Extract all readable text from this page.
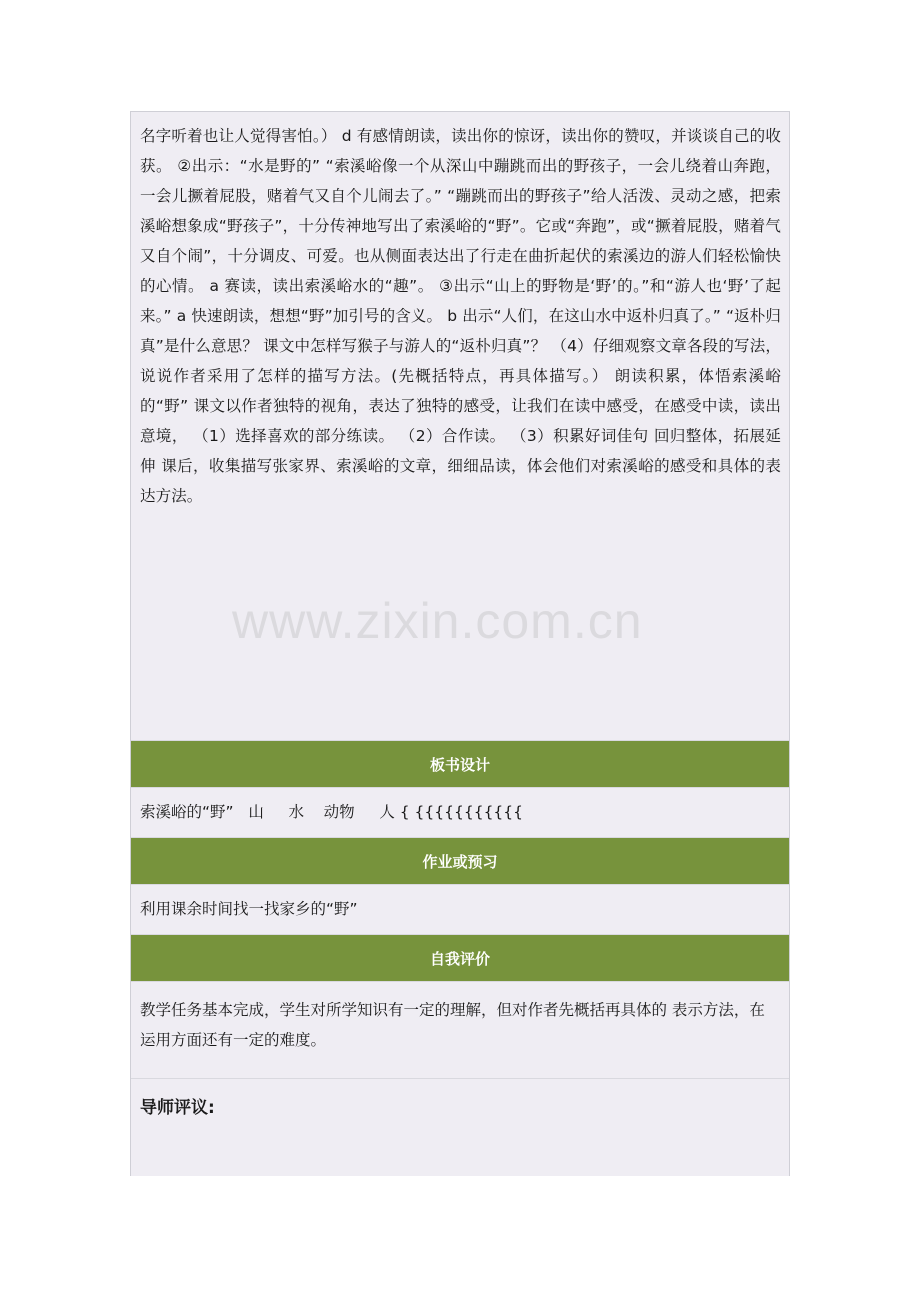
名字听着也让人觉得害怕。） d 有感情朗读，读出你的惊讶，读出你的赞叹，并谈谈自己的收获。 ②出示：“水是野的” “索溪峪像一个从深山中蹦跳而出的野孩子，一会儿绕着山奔跑，一会儿撅着屁股，赌着气又自个儿闹去了。” “蹦跳而出的野孩子”给人活泼、灵动之感，把索溪峪想象成“野孩子”，十分传神地写出了索溪峪的“野”。它或“奔跑”，或“撅着屁股，赌着气又自个闹”，十分调皮、可爱。也从侧面表达出了行走在曲折起伏的索溪边的游人们轻松愉快的心情。 a 赛读，读出索溪峪水的“趣”。 ③出示“山上的野物是‘野’的。”和“游人也‘野’了起来。” a 快速朗读，想想“野”加引号的含义。 b 出示“人们，在这山水中返朴归真了。” “返朴归真”是什么意思？ 课文中怎样写猴子与游人的“返朴归真”？ （4）仔细观察文章各段的写法，说说作者采用了怎样的描写方法。(先概括特点，再具体描写。） 朗读积累，体悟索溪峪的“野” 课文以作者独特的视角，表达了独特的感受，让我们在读中感受，在感受中读，读出意境， （1）选择喜欢的部分练读。 （2）合作读。 （3）积累好词佳句 回归整体，拓展延伸 课后，收集描写张家界、索溪峪的文章，细细品读，体会他们对索溪峪的感受和具体的表达方法。
板书设计
索溪峪的“野”   山     水    动物     人 { {{{{{{{{{{{
作业或预习
利用课余时间找一找家乡的“野”
自我评价
教学任务基本完成，学生对所学知识有一定的理解，但对作者先概括再具体的 表示方法，在运用方面还有一定的难度。
导师评议:
www.zixin.com.cn
